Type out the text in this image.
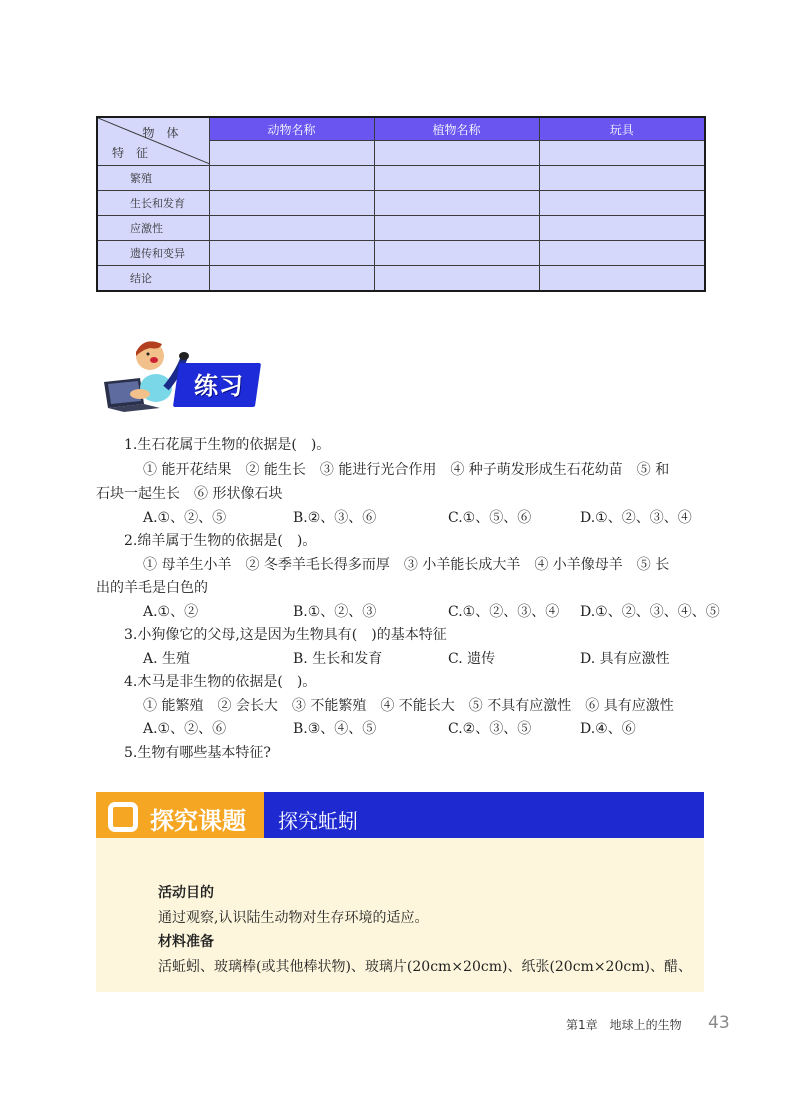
物体
特征	动物名称	植物名称	玩具

繁殖			
生长和发育			
应激性			
遗传和变异			
结论			
练习
1.生石花属于生物的依据是(　)。
① 能开花结果　② 能生长　③ 能进行光合作用　④ 种子萌发形成生石花幼苗　⑤ 和
石块一起生长　⑥ 形状像石块
A.①、②、⑤	B.②、③、⑥	C.①、⑤、⑥	D.①、②、③、④
2.绵羊属于生物的依据是(　)。
① 母羊生小羊　② 冬季羊毛长得多而厚　③ 小羊能长成大羊　④ 小羊像母羊　⑤ 长
出的羊毛是白色的
A.①、②	B.①、②、③	C.①、②、③、④ D.①、②、③、④、⑤
3.小狗像它的父母,这是因为生物具有(　)的基本特征
A. 生殖	B. 生长和发育	C. 遗传	D. 具有应激性
4.木马是非生物的依据是(　)。
① 能繁殖　② 会长大　③ 不能繁殖　④ 不能长大　⑤ 不具有应激性　⑥ 具有应激性
A.①、②、⑥	B.③、④、⑤	C.②、③、⑤	D.④、⑥
5.生物有哪些基本特征?
探究课题 探究蚯蚓
活动目的
通过观察,认识陆生动物对生存环境的适应。
材料准备
活蚯蚓、玻璃棒(或其他棒状物)、玻璃片(20cm×20cm)、纸张(20cm×20cm)、醋、
第1章　地球上的生物 43
